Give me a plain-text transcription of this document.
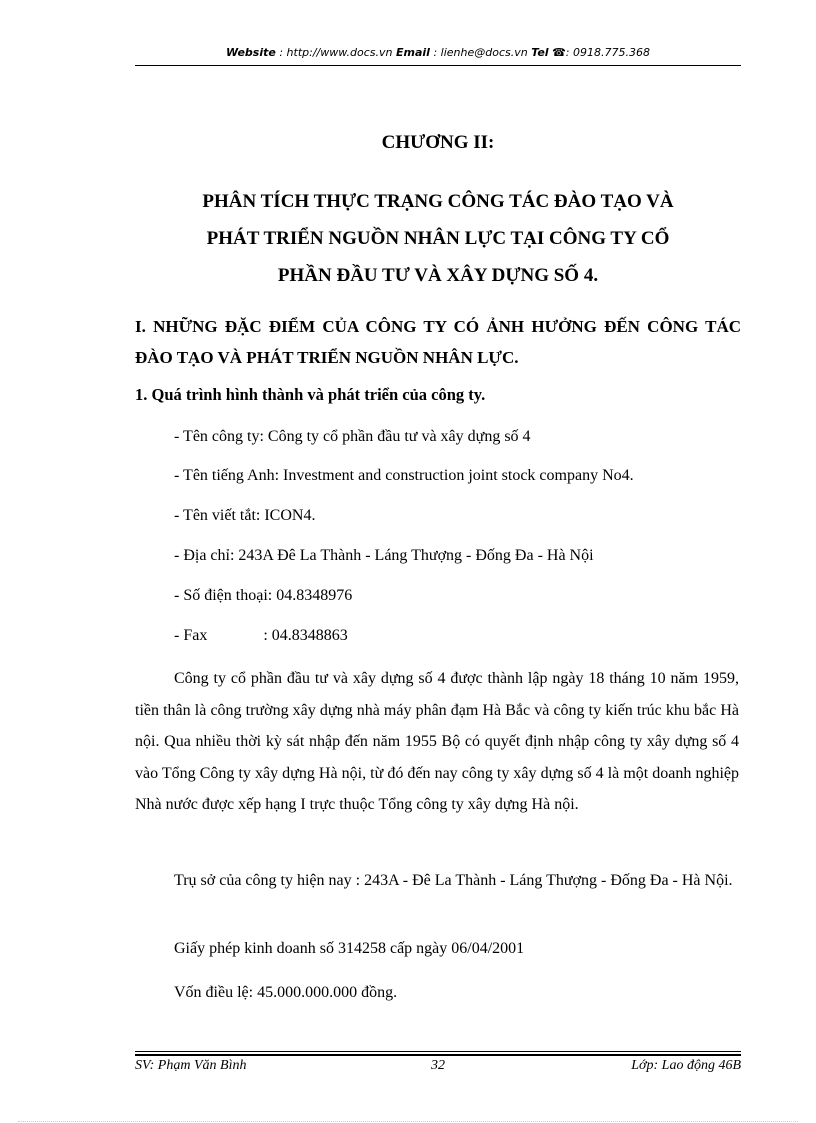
Website : http://www.docs.vn Email : lienhe@docs.vn Tel ☎: 0918.775.368
CHƯƠNG II:
PHÂN TÍCH THỰC TRẠNG CÔNG TÁC ĐÀO TẠO VÀ
PHÁT TRIỂN NGUỒN NHÂN LỰC TẠI CÔNG TY CỔ
PHẦN ĐẦU TƯ VÀ XÂY DỰNG SỐ 4.
I. NHỮNG ĐẶC ĐIỂM CỦA CÔNG TY CÓ ẢNH HƯỞNG ĐẾN CÔNG TÁC ĐÀO TẠO VÀ PHÁT TRIỂN NGUỒN NHÂN LỰC.
1. Quá trình hình thành và phát triển của công ty.
- Tên công ty: Công ty cổ phần đầu tư và xây dựng số 4
- Tên tiếng Anh: Investment and construction joint stock company No4.
- Tên viết tắt: ICON4.
- Địa chỉ: 243A Đê La Thành - Láng Thượng - Đống Đa - Hà Nội
- Số điện thoại: 04.8348976
- Fax              : 04.8348863
Công ty cổ phần đầu tư và xây dựng số 4 được thành lập ngày 18 tháng 10 năm 1959, tiền thân là công trường xây dựng nhà máy phân đạm Hà Bắc và công ty kiến trúc khu bắc Hà nội. Qua nhiều thời kỳ sát nhập đến năm 1955 Bộ có quyết định nhập công ty xây dựng số 4 vào Tổng Công ty xây dựng Hà nội, từ đó đến nay công ty xây dựng số 4 là một doanh nghiệp Nhà nước được xếp hạng I trực thuộc Tổng công ty xây dựng Hà nội.
Trụ sở của công ty hiện nay : 243A - Đê La Thành - Láng Thượng - Đống Đa - Hà Nội.
Giấy phép kinh doanh số 314258 cấp ngày 06/04/2001
Vốn điều lệ: 45.000.000.000 đồng.
SV: Phạm Văn Bình	32	Lớp: Lao động 46B
